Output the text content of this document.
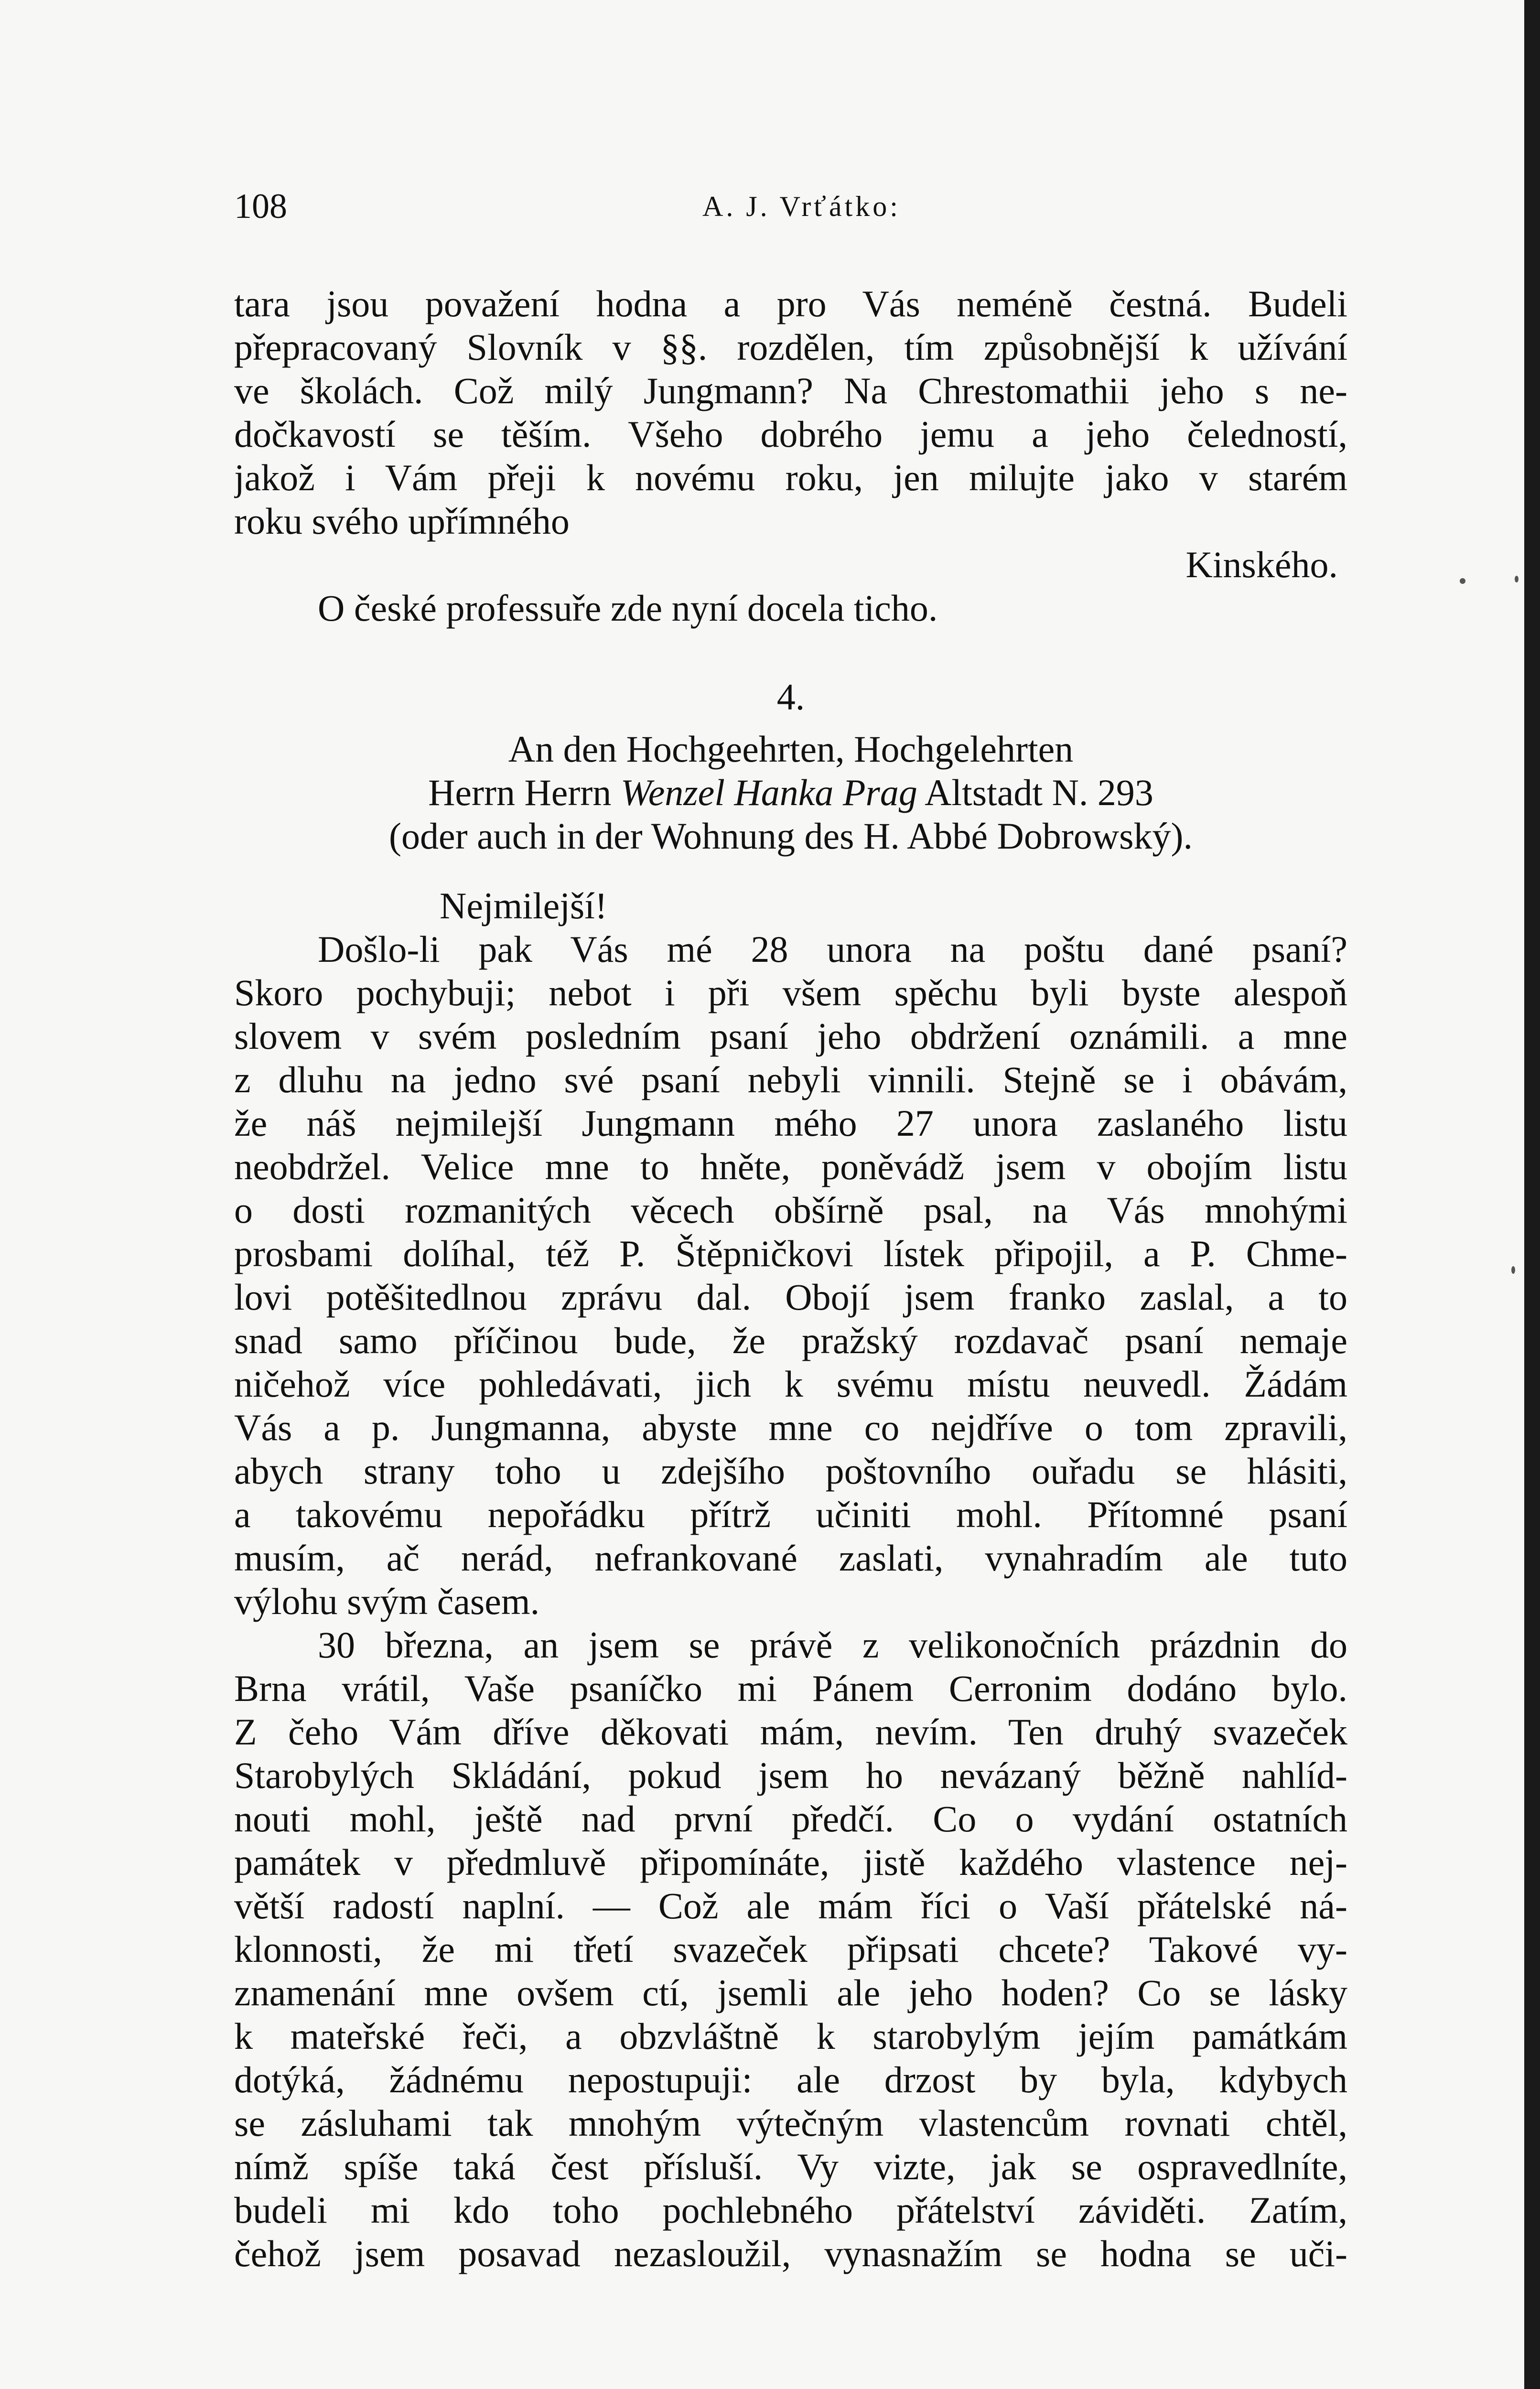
108	A. J. Vrťátko:
tara jsou považení hodna a pro Vás neméně čestná. Budeli
přepracovaný Slovník v §§. rozdělen, tím způsobnější k užívání
ve školách. Což milý Jungmann? Na Chrestomathii jeho s ne-
dočkavostí se těším. Všeho dobrého jemu a jeho čeledností,
jakož i Vám přeji k novému roku, jen milujte jako v starém
roku svého upřímného
Kinského.
O české professuře zde nyní docela ticho.
4.
An den Hochgeehrten, Hochgelehrten
Herrn Herrn Wenzel Hanka Prag Altstadt N. 293
(oder auch in der Wohnung des H. Abbé Dobrowský).
Nejmilejší!
Došlo-li pak Vás mé 28 unora na poštu dané psaní?
Skoro pochybuji; nebot i při všem spěchu byli byste alespoň
slovem v svém posledním psaní jeho obdržení oznámili. a mne
z dluhu na jedno své psaní nebyli vinnili. Stejně se i obávám,
že náš nejmilejší Jungmann mého 27 unora zaslaného listu
neobdržel. Velice mne to hněte, poněvádž jsem v obojím listu
o dosti rozmanitých věcech obšírně psal, na Vás mnohými
prosbami dolíhal, též P. Štěpničkovi lístek připojil, a P. Chme-
lovi potěšitedlnou zprávu dal. Obojí jsem franko zaslal, a to
snad samo příčinou bude, že pražský rozdavač psaní nemaje
ničehož více pohledávati, jich k svému místu neuvedl. Žádám
Vás a p. Jungmanna, abyste mne co nejdříve o tom zpravili,
abych strany toho u zdejšího poštovního ouřadu se hlásiti,
a takovému nepořádku přítrž učiniti mohl. Přítomné psaní
musím, ač nerád, nefrankované zaslati, vynahradím ale tuto
výlohu svým časem.
30 března, an jsem se právě z velikonočních prázdnin do
Brna vrátil, Vaše psaníčko mi Pánem Cerronim dodáno bylo.
Z čeho Vám dříve děkovati mám, nevím. Ten druhý svazeček
Starobylých Skládání, pokud jsem ho nevázaný běžně nahlíd-
nouti mohl, ještě nad první předčí. Co o vydání ostatních
památek v předmluvě připomínáte, jistě každého vlastence nej-
větší radostí naplní. — Což ale mám říci o Vaší přátelské ná-
klonnosti, že mi třetí svazeček připsati chcete? Takové vy-
znamenání mne ovšem ctí, jsemli ale jeho hoden? Co se lásky
k mateřské řeči, a obzvláštně k starobylým jejím památkám
dotýká, žádnému nepostupuji: ale drzost by byla, kdybych
se zásluhami tak mnohým výtečným vlastencům rovnati chtěl,
nímž spíše taká čest přísluší. Vy vizte, jak se ospravedlníte,
budeli mi kdo toho pochlebného přátelství záviděti. Zatím,
čehož jsem posavad nezasloužil, vynasnažím se hodna se uči-
